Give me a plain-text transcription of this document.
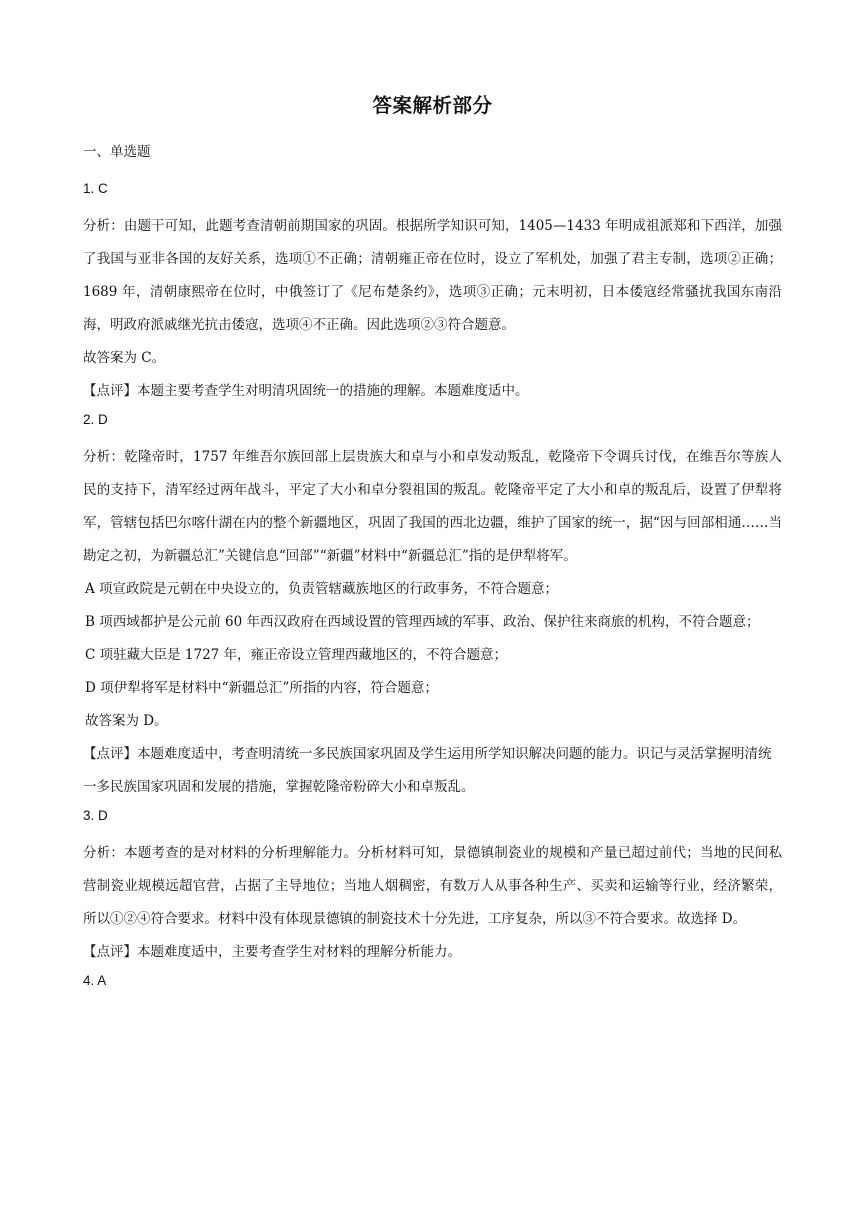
答案解析部分
一、单选题
1. C

分析：由题干可知，此题考查清朝前期国家的巩固。根据所学知识可知，1405—1433 年明成祖派郑和下西洋，加强了我国与亚非各国的友好关系，选项①不正确；清朝雍正帝在位时，设立了军机处，加强了君主专制，选项②正确；1689 年，清朝康熙帝在位时，中俄签订了《尼布楚条约》，选项③正确；元末明初，日本倭寇经常骚扰我国东南沿海，明政府派戚继光抗击倭寇，选项④不正确。因此选项②③符合题意。

故答案为 C。

【点评】本题主要考查学生对明清巩固统一的措施的理解。本题难度适中。

2. D

分析：乾隆帝时，1757 年维吾尔族回部上层贵族大和卓与小和卓发动叛乱，乾隆帝下令调兵讨伐，在维吾尔等族人民的支持下，清军经过两年战斗，平定了大小和卓分裂祖国的叛乱。乾隆帝平定了大小和卓的叛乱后，设置了伊犁将军，管辖包括巴尔喀什湖在内的整个新疆地区，巩固了我国的西北边疆，维护了国家的统一，据“因与回部相通……当勘定之初，为新疆总汇”关键信息“回部”“新疆”材料中“新疆总汇”指的是伊犁将军。

A 项宣政院是元朝在中央设立的，负责管辖藏族地区的行政事务，不符合题意；

B 项西域都护是公元前 60 年西汉政府在西域设置的管理西域的军事、政治、保护往来商旅的机构，不符合题意；

C 项驻藏大臣是 1727 年，雍正帝设立管理西藏地区的，不符合题意；

D 项伊犁将军是材料中“新疆总汇”所指的内容，符合题意；

故答案为 D。

【点评】本题难度适中，考查明清统一多民族国家巩固及学生运用所学知识解决问题的能力。识记与灵活掌握明清统一多民族国家巩固和发展的措施，掌握乾隆帝粉碎大小和卓叛乱。

3. D

分析：本题考查的是对材料的分析理解能力。分析材料可知，景德镇制瓷业的规模和产量已超过前代；当地的民间私营制瓷业规模远超官营，占据了主导地位；当地人烟稠密，有数万人从事各种生产、买卖和运输等行业，经济繁荣，所以①②④符合要求。材料中没有体现景德镇的制瓷技术十分先进，工序复杂，所以③不符合要求。故选择 D。

【点评】本题难度适中，主要考查学生对材料的理解分析能力。

4. A
